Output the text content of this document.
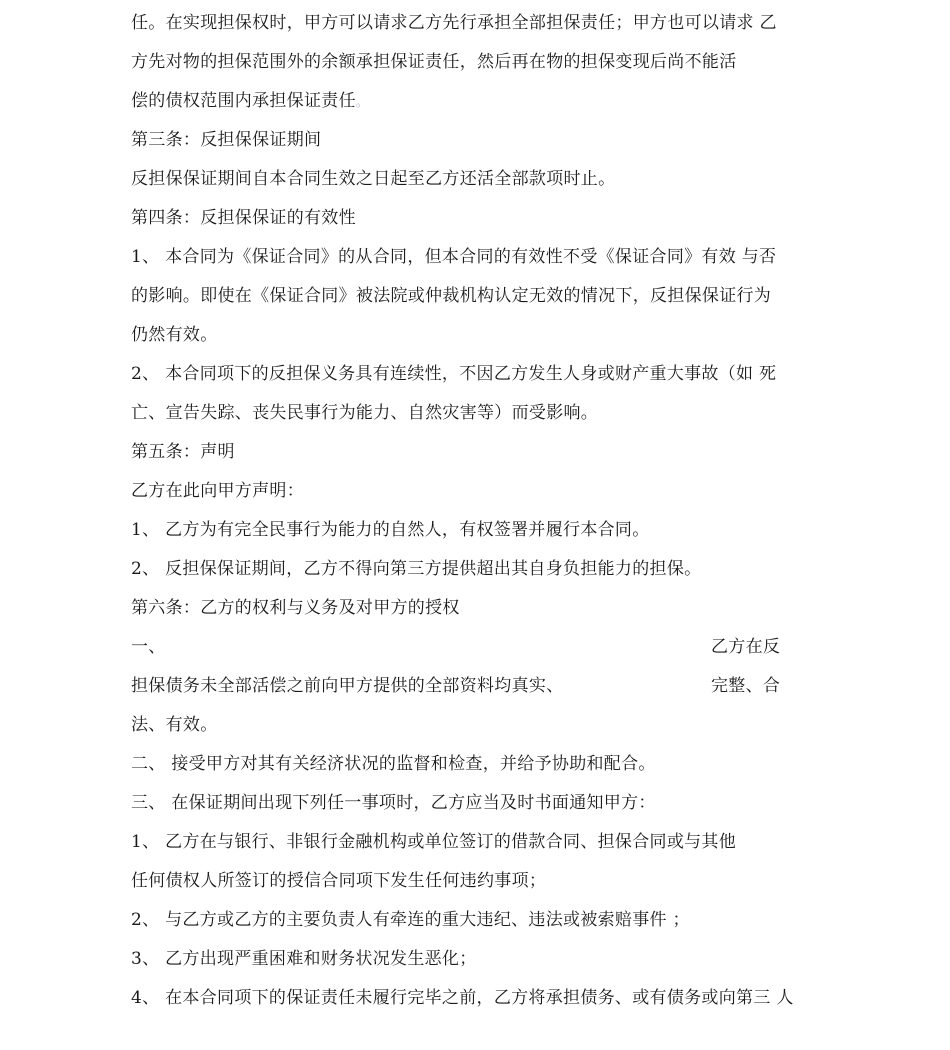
任。在实现担保权时，甲方可以请求乙方先行承担全部担保责任；甲方也可以请求 乙
方先对物的担保范围外的余额承担保证责任，然后再在物的担保变现后尚不能活
偿的债权范围内承担保证责任。
第三条：反担保保证期间
反担保保证期间自本合同生效之日起至乙方还活全部款项时止。
第四条：反担保保证的有效性
1、 本合同为《保证合同》的从合同，但本合同的有效性不受《保证合同》有效 与否
的影响。即使在《保证合同》被法院或仲裁机构认定无效的情况下，反担保保证行为
仍然有效。
2、 本合同项下的反担保义务具有连续性，不因乙方发生人身或财产重大事故（如 死
亡、宣告失踪、丧失民事行为能力、自然灾害等）而受影响。
第五条：声明
乙方在此向甲方声明：
1、 乙方为有完全民事行为能力的自然人，有权签署并履行本合同。
2、 反担保保证期间，乙方不得向第三方提供超出其自身负担能力的担保。
第六条：乙方的权利与义务及对甲方的授权
一、	乙方在反
担保债务未全部活偿之前向甲方提供的全部资料均真实、	完整、合
法、有效。
二、 接受甲方对其有关经济状况的监督和检查，并给予协助和配合。
三、 在保证期间出现下列任一事项时，乙方应当及时书面通知甲方：
1、 乙方在与银行、非银行金融机构或单位签订的借款合同、担保合同或与其他
任何债权人所签订的授信合同项下发生任何违约事项；
2、 与乙方或乙方的主要负责人有牵连的重大违纪、违法或被索赔事件 ；
3、 乙方出现严重困难和财务状况发生恶化；
4、 在本合同项下的保证责任未履行完毕之前，乙方将承担债务、或有债务或向第三 人
